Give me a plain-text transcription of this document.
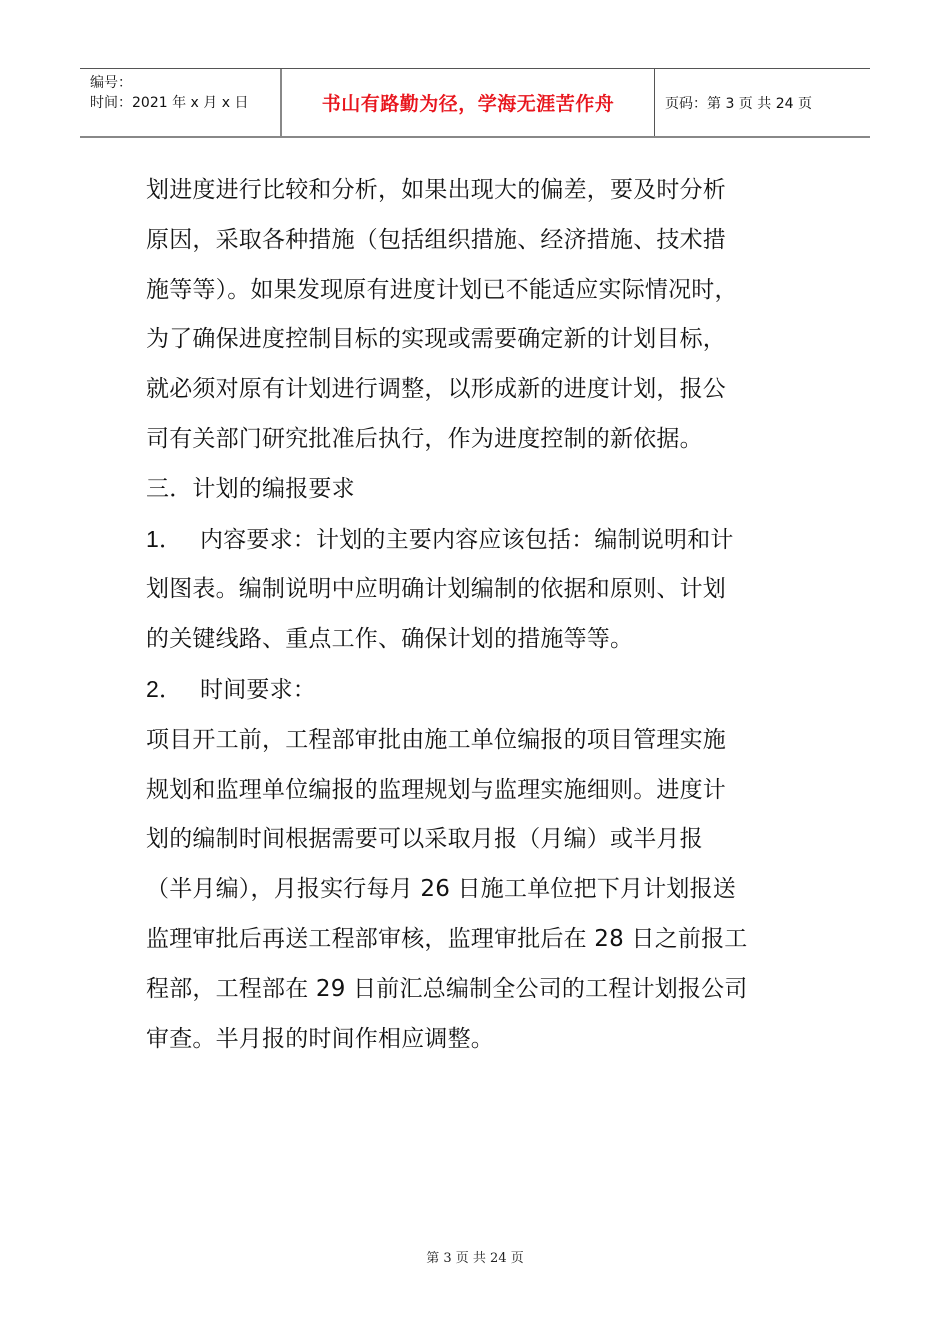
编号：
时间：2021 年 x 月 x 日	书山有路勤为径，学海无涯苦作舟	页码：第 3 页 共 24 页

划进度进行比较和分析，如果出现大的偏差，要及时分析

原因，采取各种措施（包括组织措施、经济措施、技术措

施等等）。如果发现原有进度计划已不能适应实际情况时，

为了确保进度控制目标的实现或需要确定新的计划目标，

就必须对原有计划进行调整，以形成新的进度计划，报公

司有关部门研究批准后执行，作为进度控制的新依据。

三．计划的编报要求

1． 内容要求：计划的主要内容应该包括：编制说明和计

划图表。编制说明中应明确计划编制的依据和原则、计划

的关键线路、重点工作、确保计划的措施等等。

2． 时间要求：

项目开工前，工程部审批由施工单位编报的项目管理实施

规划和监理单位编报的监理规划与监理实施细则。进度计

划的编制时间根据需要可以采取月报（月编）或半月报

（半月编），月报实行每月 26 日施工单位把下月计划报送

监理审批后再送工程部审核，监理审批后在 28 日之前报工

程部，工程部在 29 日前汇总编制全公司的工程计划报公司

审查。半月报的时间作相应调整。

第 3 页 共 24 页
